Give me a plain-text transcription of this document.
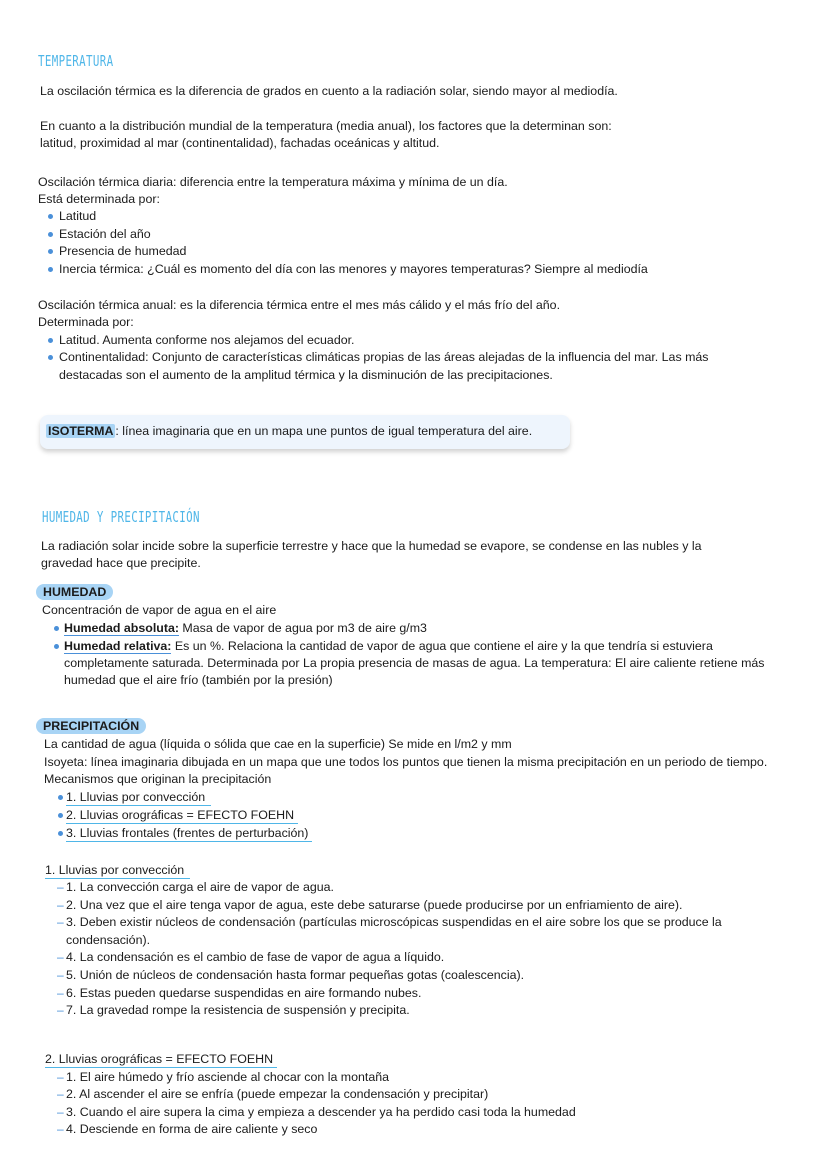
TEMPERATURA
La oscilación térmica es la diferencia de grados en cuento a la radiación solar, siendo mayor al mediodía.
En cuanto a la distribución mundial de la temperatura (media anual), los factores que la determinan son:
latitud, proximidad al mar (continentalidad), fachadas oceánicas y altitud.
Oscilación térmica diaria: diferencia entre la temperatura máxima y mínima de un día.
Está determinada por:
Latitud
Estación del año
Presencia de humedad
Inercia térmica: ¿Cuál es momento del día con las menores y mayores temperaturas? Siempre al mediodía
Oscilación térmica anual: es la diferencia térmica entre el mes más cálido y el más frío del año.
Determinada por:
Latitud. Aumenta conforme nos alejamos del ecuador.
Continentalidad: Conjunto de características climáticas propias de las áreas alejadas de la influencia del mar. Las más
destacadas son el aumento de la amplitud térmica y la disminución de las precipitaciones.
ISOTERMA : línea imaginaria que en un mapa une puntos de igual temperatura del aire.
HUMEDAD Y PRECIPITACIÓN
La radiación solar incide sobre la superficie terrestre y hace que la humedad se evapore, se condense en las nubles y la
gravedad hace que precipite.
HUMEDAD
Concentración de vapor de agua en el aire
Humedad absoluta: Masa de vapor de agua por m3 de aire g/m3
Humedad relativa: Es un %. Relaciona la cantidad de vapor de agua que contiene el aire y la que tendría si estuviera
completamente saturada. Determinada por La propia presencia de masas de agua. La temperatura: El aire caliente retiene más
humedad que el aire frío (también por la presión)
PRECIPITACIÓN
La cantidad de agua (líquida o sólida que cae en la superficie) Se mide en l/m2 y mm
Isoyeta: línea imaginaria dibujada en un mapa que une todos los puntos que tienen la misma precipitación en un periodo de tiempo.
Mecanismos que originan la precipitación
1. Lluvias por convección
2. Lluvias orográficas = EFECTO FOEHN
3. Lluvias frontales (frentes de perturbación)
1. Lluvias por convección
– 1. La convección carga el aire de vapor de agua.
– 2. Una vez que el aire tenga vapor de agua, este debe saturarse (puede producirse por un enfriamiento de aire).
– 3. Deben existir núcleos de condensación (partículas microscópicas suspendidas en el aire sobre los que se produce la
condensación).
– 4. La condensación es el cambio de fase de vapor de agua a líquido.
– 5. Unión de núcleos de condensación hasta formar pequeñas gotas (coalescencia).
– 6. Estas pueden quedarse suspendidas en aire formando nubes.
– 7. La gravedad rompe la resistencia de suspensión y precipita.
2. Lluvias orográficas = EFECTO FOEHN
– 1. El aire húmedo y frío asciende al chocar con la montaña
– 2. Al ascender el aire se enfría (puede empezar la condensación y precipitar)
– 3. Cuando el aire supera la cima y empieza a descender ya ha perdido casi toda la humedad
– 4. Desciende en forma de aire caliente y seco
